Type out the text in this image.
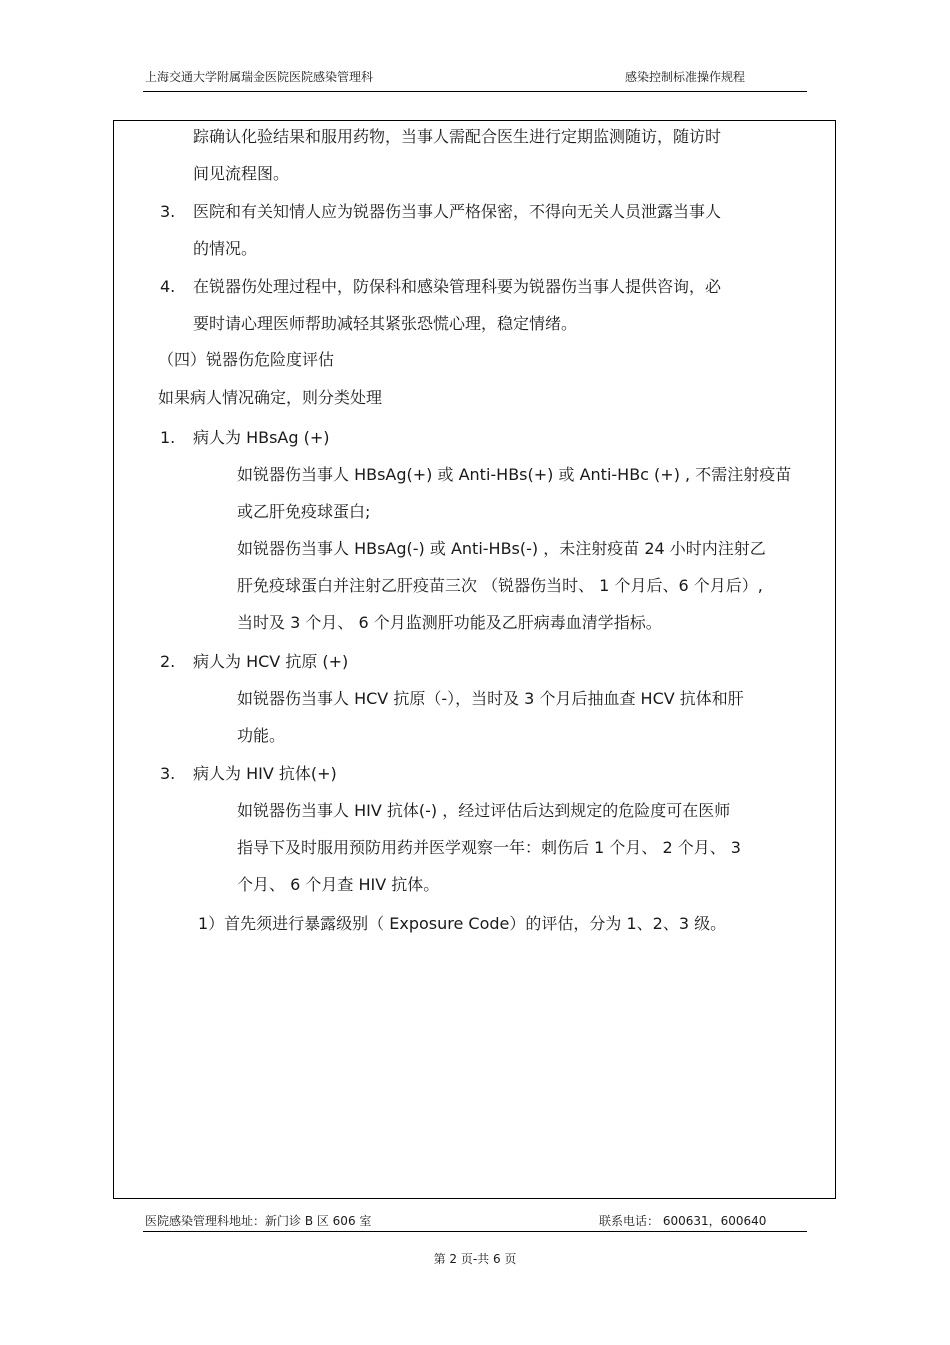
上海交通大学附属瑞金医院医院感染管理科	感染控制标准操作规程
踪确认化验结果和服用药物，当事人需配合医生进行定期监测随访，随访时
间见流程图。
3. 医院和有关知情人应为锐器伤当事人严格保密，不得向无关人员泄露当事人
的情况。
4. 在锐器伤处理过程中，防保科和感染管理科要为锐器伤当事人提供咨询，必
要时请心理医师帮助减轻其紧张恐慌心理，稳定情绪。
（四）锐器伤危险度评估
如果病人情况确定，则分类处理
1. 病人为 HBsAg (+)
如锐器伤当事人 HBsAg(+) 或 Anti-HBs(+) 或 Anti-HBc (+) , 不需注射疫苗
或乙肝免疫球蛋白;
如锐器伤当事人 HBsAg(-) 或 Anti-HBs(-) ，未注射疫苗 24 小时内注射乙
肝免疫球蛋白并注射乙肝疫苗三次 （锐器伤当时、 1 个月后、6 个月后）,
当时及 3 个月、 6 个月监测肝功能及乙肝病毒血清学指标。
2. 病人为 HCV 抗原 (+)
如锐器伤当事人 HCV 抗原（-），当时及 3 个月后抽血查 HCV 抗体和肝
功能。
3. 病人为 HIV 抗体(+)
如锐器伤当事人 HIV 抗体(-) ，经过评估后达到规定的危险度可在医师
指导下及时服用预防用药并医学观察一年：刺伤后 1 个月、 2 个月、 3
个月、 6 个月查 HIV 抗体。
1）首先须进行暴露级别（ Exposure Code）的评估，分为 1、2、3 级。
医院感染管理科地址：新门诊 B 区 606 室	联系电话： 600631，600640
第 2 页-共 6 页
